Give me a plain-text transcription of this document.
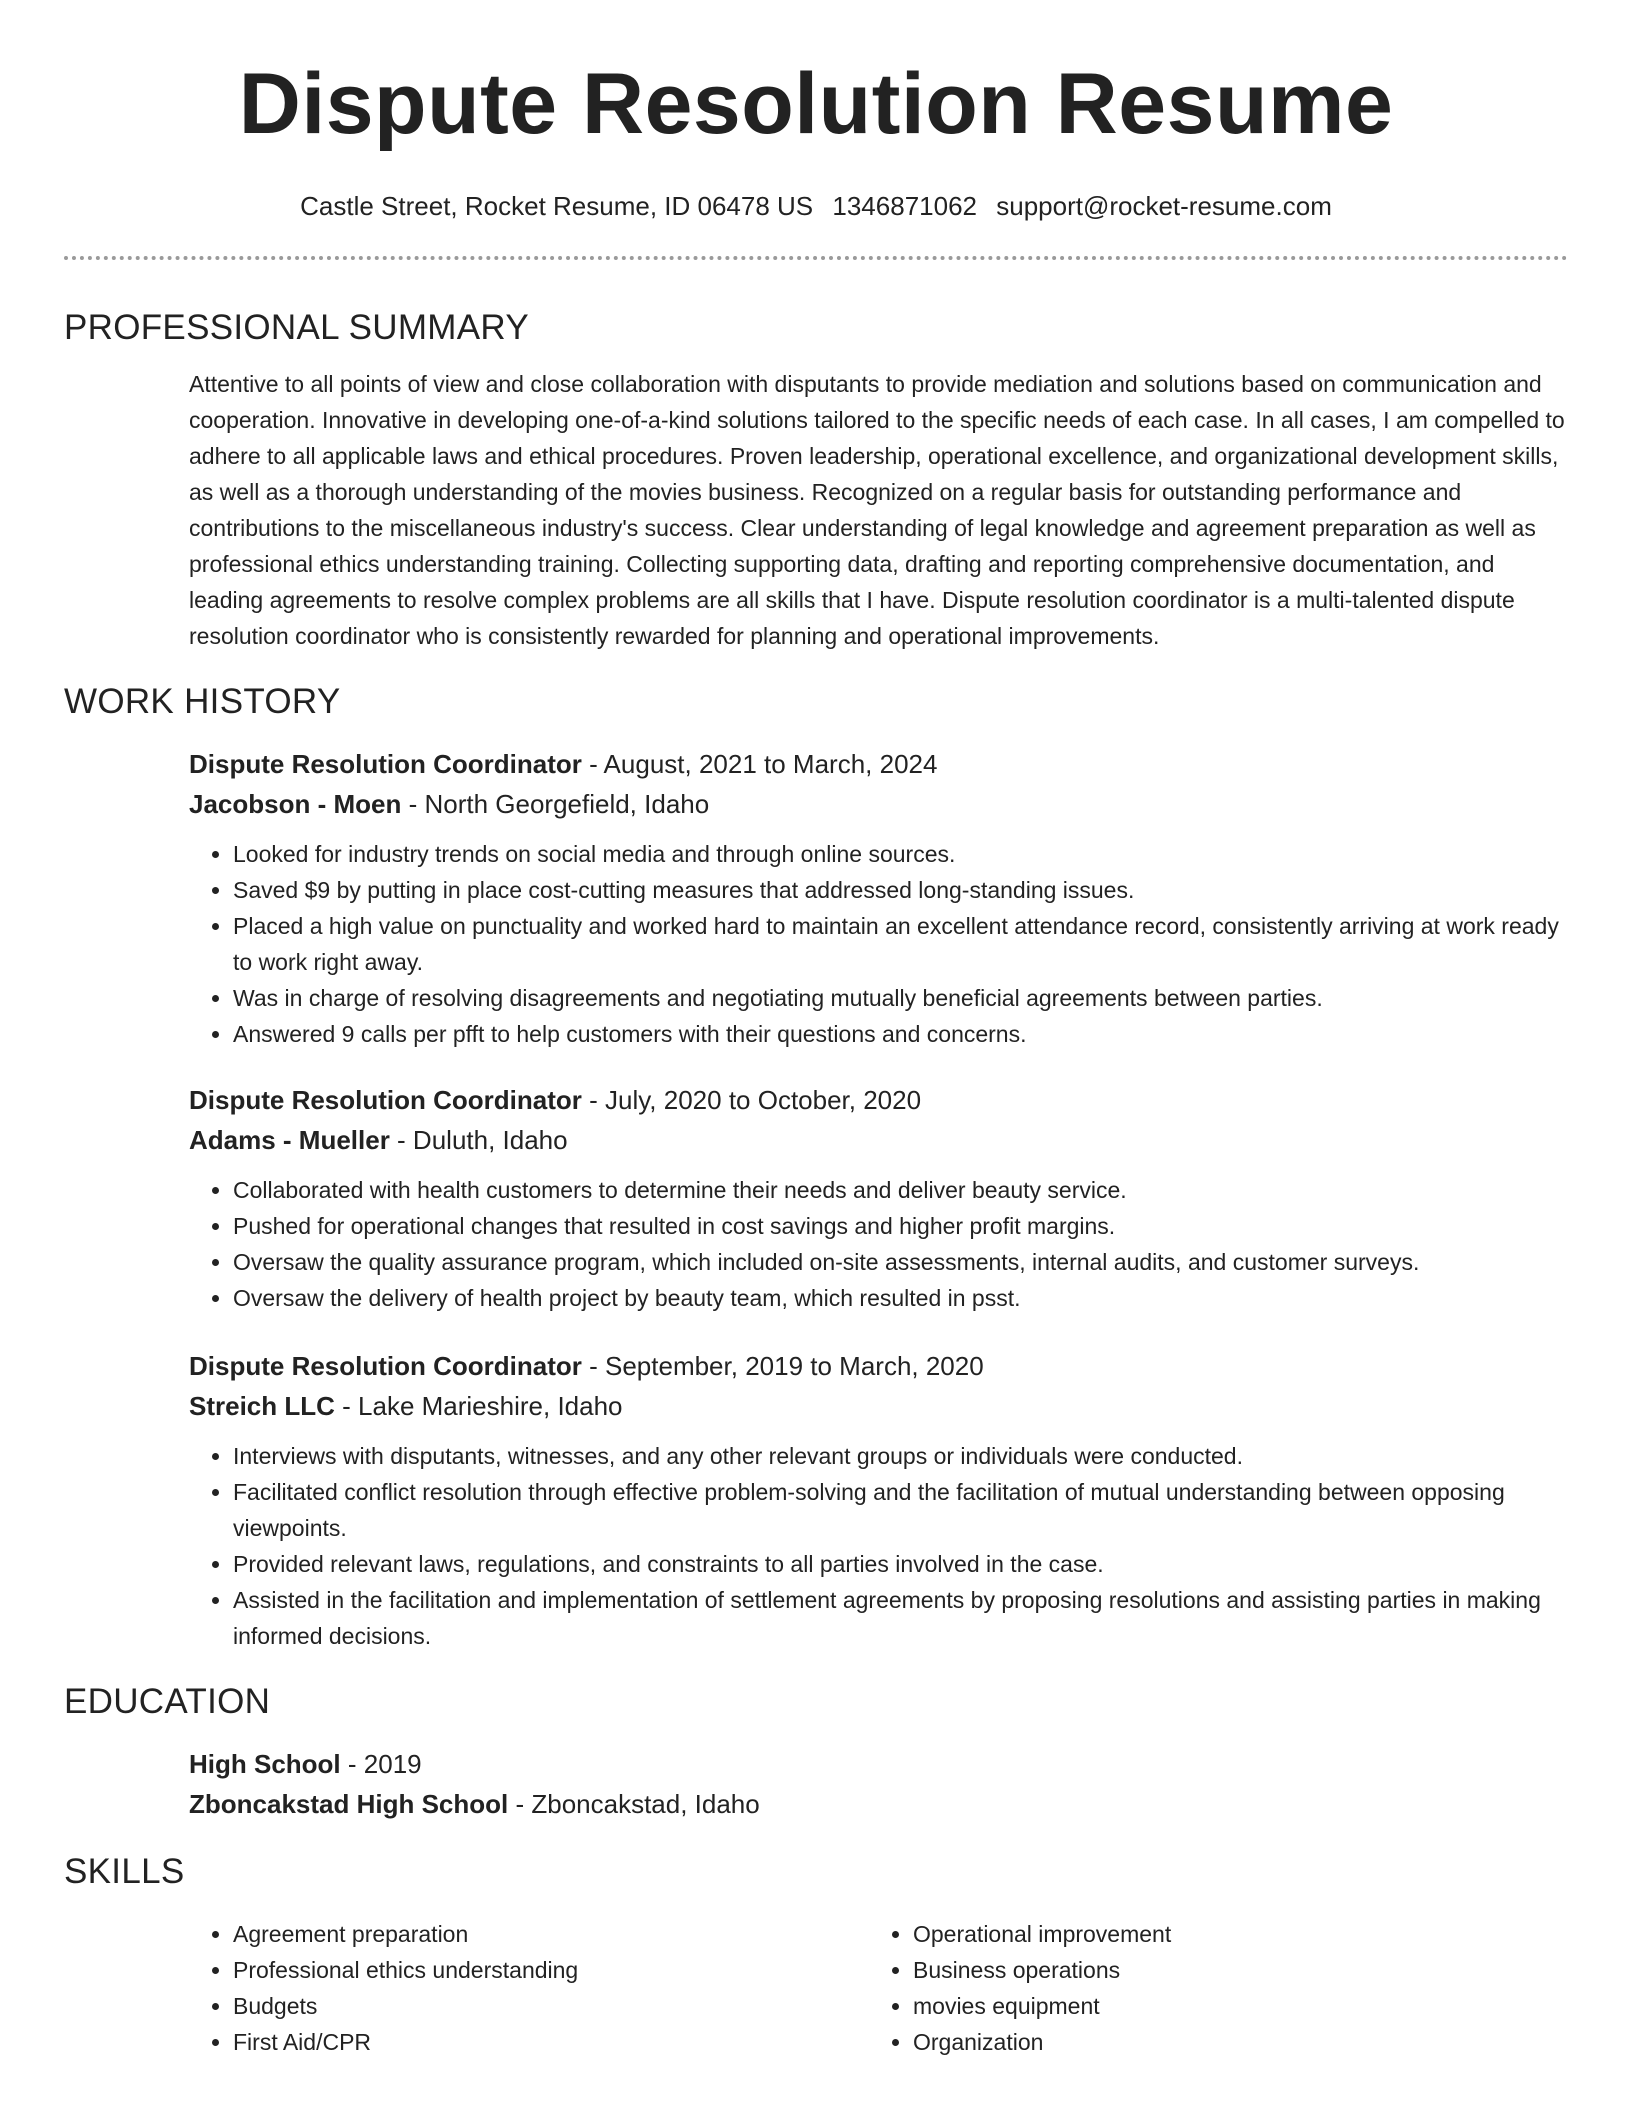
Dispute Resolution Resume
Castle Street, Rocket Resume, ID 06478 US 1346871062 support@rocket-resume.com
PROFESSIONAL SUMMARY

Attentive to all points of view and close collaboration with disputants to provide mediation and solutions based on communication and cooperation. Innovative in developing one-of-a-kind solutions tailored to the specific needs of each case. In all cases, I am compelled to adhere to all applicable laws and ethical procedures. Proven leadership, operational excellence, and organizational development skills, as well as a thorough understanding of the movies business. Recognized on a regular basis for outstanding performance and contributions to the miscellaneous industry's success. Clear understanding of legal knowledge and agreement preparation as well as professional ethics understanding training. Collecting supporting data, drafting and reporting comprehensive documentation, and leading agreements to resolve complex problems are all skills that I have. Dispute resolution coordinator is a multi-talented dispute resolution coordinator who is consistently rewarded for planning and operational improvements.

WORK HISTORY

Dispute Resolution Coordinator - August, 2021 to March, 2024

Jacobson - Moen - North Georgefield, Idaho

• Looked for industry trends on social media and through online sources.
• Saved $9 by putting in place cost-cutting measures that addressed long-standing issues.
• Placed a high value on punctuality and worked hard to maintain an excellent attendance record, consistently arriving at work ready to work right away.
• Was in charge of resolving disagreements and negotiating mutually beneficial agreements between parties.
• Answered 9 calls per pfft to help customers with their questions and concerns.

Dispute Resolution Coordinator - July, 2020 to October, 2020

Adams - Mueller - Duluth, Idaho

• Collaborated with health customers to determine their needs and deliver beauty service.
• Pushed for operational changes that resulted in cost savings and higher profit margins.
• Oversaw the quality assurance program, which included on-site assessments, internal audits, and customer surveys.
• Oversaw the delivery of health project by beauty team, which resulted in psst.

Dispute Resolution Coordinator - September, 2019 to March, 2020

Streich LLC - Lake Marieshire, Idaho

• Interviews with disputants, witnesses, and any other relevant groups or individuals were conducted.
• Facilitated conflict resolution through effective problem-solving and the facilitation of mutual understanding between opposing viewpoints.
• Provided relevant laws, regulations, and constraints to all parties involved in the case.
• Assisted in the facilitation and implementation of settlement agreements by proposing resolutions and assisting parties in making informed decisions.
EDUCATION

High School - 2019

Zboncakstad High School - Zboncakstad, Idaho

SKILLS
• Agreement preparation
• Professional ethics understanding
• Budgets
• First Aid/CPR
• Operational improvement
• Business operations
• movies equipment
• Organization
